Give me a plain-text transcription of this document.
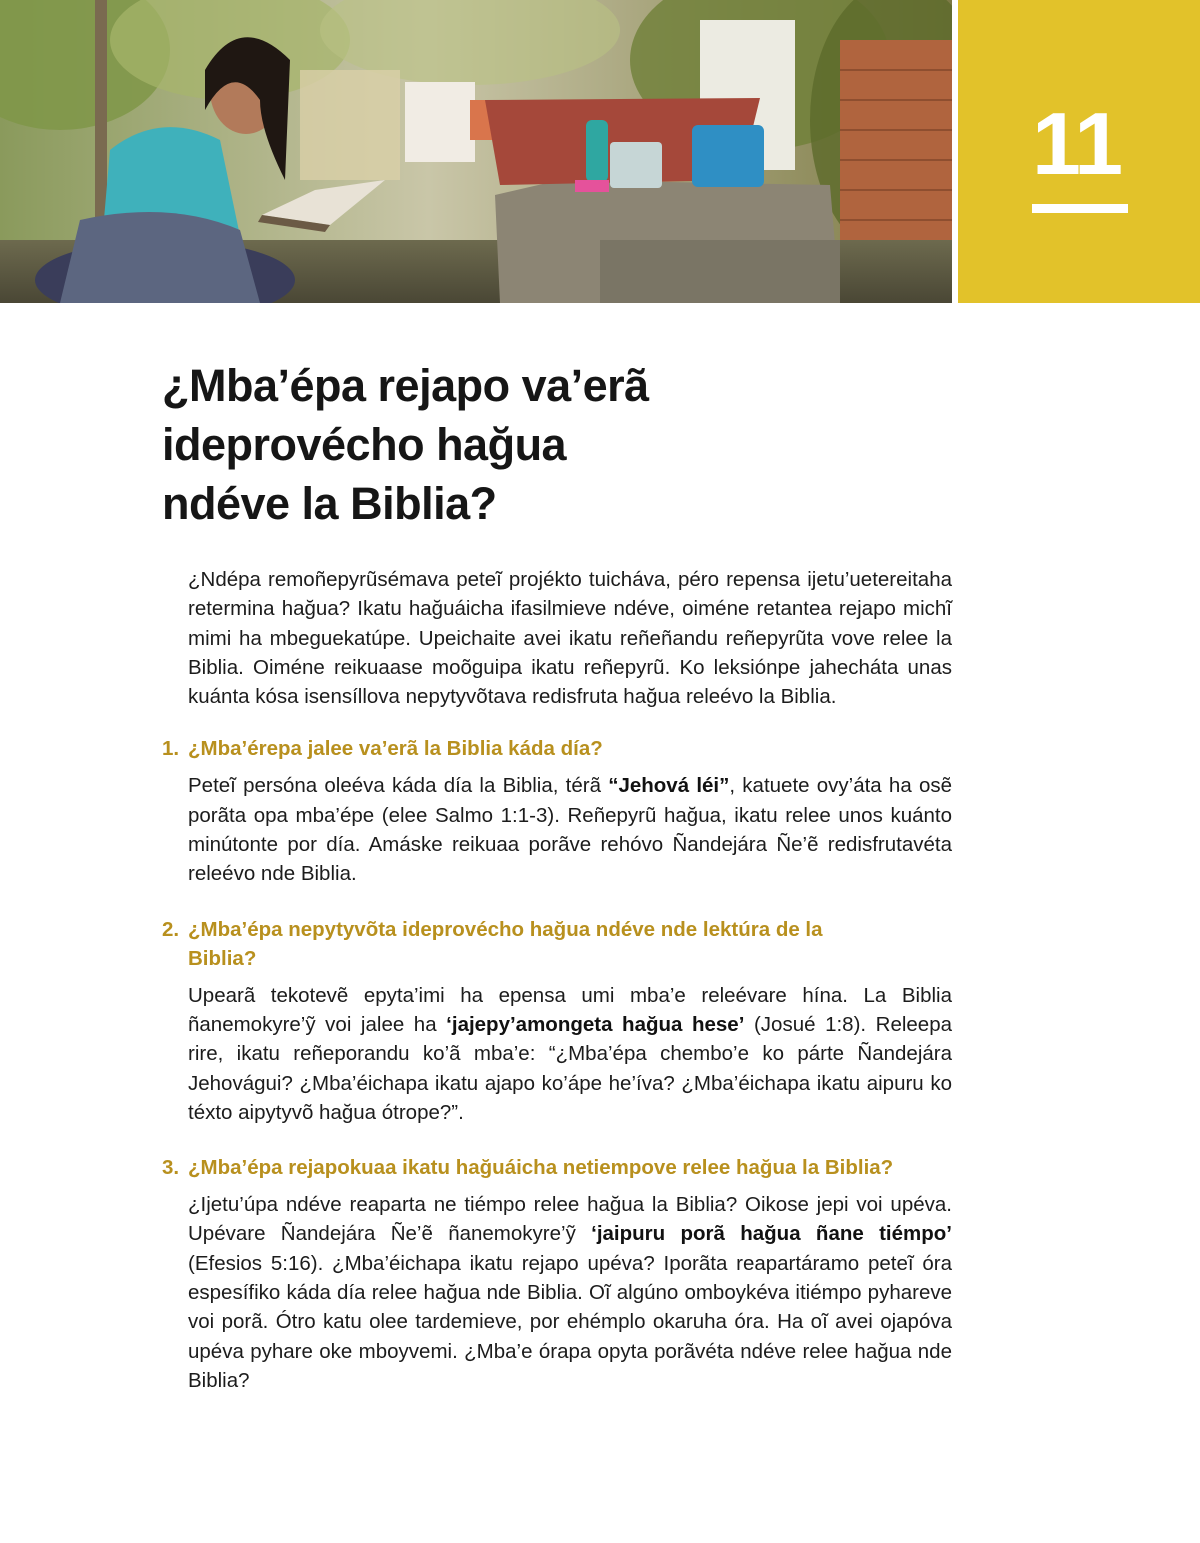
11
¿Mba’épa rejapo va’erã
ideprovécho hağua
ndéve la Biblia?

¿Ndépa remoñepyrũsémava peteĩ projékto tuicháva, péro repensa ijetu’uetereitaha retermina hağua? Ikatu hağuáicha ifasilmieve ndéve, oiméne retantea rejapo michĩ mimi ha mbeguekatúpe. Upeichaite avei ikatu reñeñandu reñepyrũta vove relee la Biblia. Oiméne reikuaase moõguipa ikatu reñepyrũ. Ko leksiónpe jahecháta unas kuánta kósa isensíllova nepytyvõtava redisfruta hağua releévo la Biblia.

1. ¿Mba’érepa jalee va’erã la Biblia káda día?

Peteĩ persóna oleéva káda día la Biblia, térã “Jehová léi”, katuete ovy’áta ha osẽ porãta opa mba’épe (elee Salmo 1:1-3). Reñepyrũ hağua, ikatu relee unos kuánto minútonte por día. Amáske reikuaa porãve rehóvo Ñandejára Ñe’ẽ redisfrutavéta releévo nde Biblia.

2. ¿Mba’épa nepytyvõta ideprovécho hağua ndéve nde lektúra de la Biblia?

Upearã tekotevẽ epyta’imi ha epensa umi mba’e releévare hína. La Biblia ñanemokyre’ỹ voi jalee ha ‘jajepy’amongeta hağua hese’ (Josué 1:8). Releepa rire, ikatu reñeporandu ko’ã mba’e: “¿Mba’épa chembo’e ko párte Ñandejára Jehovágui? ¿Mba’éichapa ikatu ajapo ko’ápe he’íva? ¿Mba’éichapa ikatu aipuru ko téxto aipytyvõ hağua ótrope?”.

3. ¿Mba’épa rejapokuaa ikatu hağuáicha netiempove relee hağua la Biblia?

¿Ijetu’úpa ndéve reaparta ne tiémpo relee hağua la Biblia? Oikose jepi voi upéva. Upévare Ñandejára Ñe’ẽ ñanemokyre’ỹ ‘jaipuru porã hağua ñane tiémpo’ (Efesios 5:16). ¿Mba’éichapa ikatu rejapo upéva? Iporãta reapartáramo peteĩ óra espesífiko káda día relee hağua nde Biblia. Oĩ algúno omboykéva itiémpo pyhareve voi porã. Ótro katu olee tardemieve, por ehémplo okaruha óra. Ha oĩ avei ojapóva upéva pyhare oke mboyvemi. ¿Mba’e órapa opyta porãvéta ndéve relee hağua nde Biblia?
